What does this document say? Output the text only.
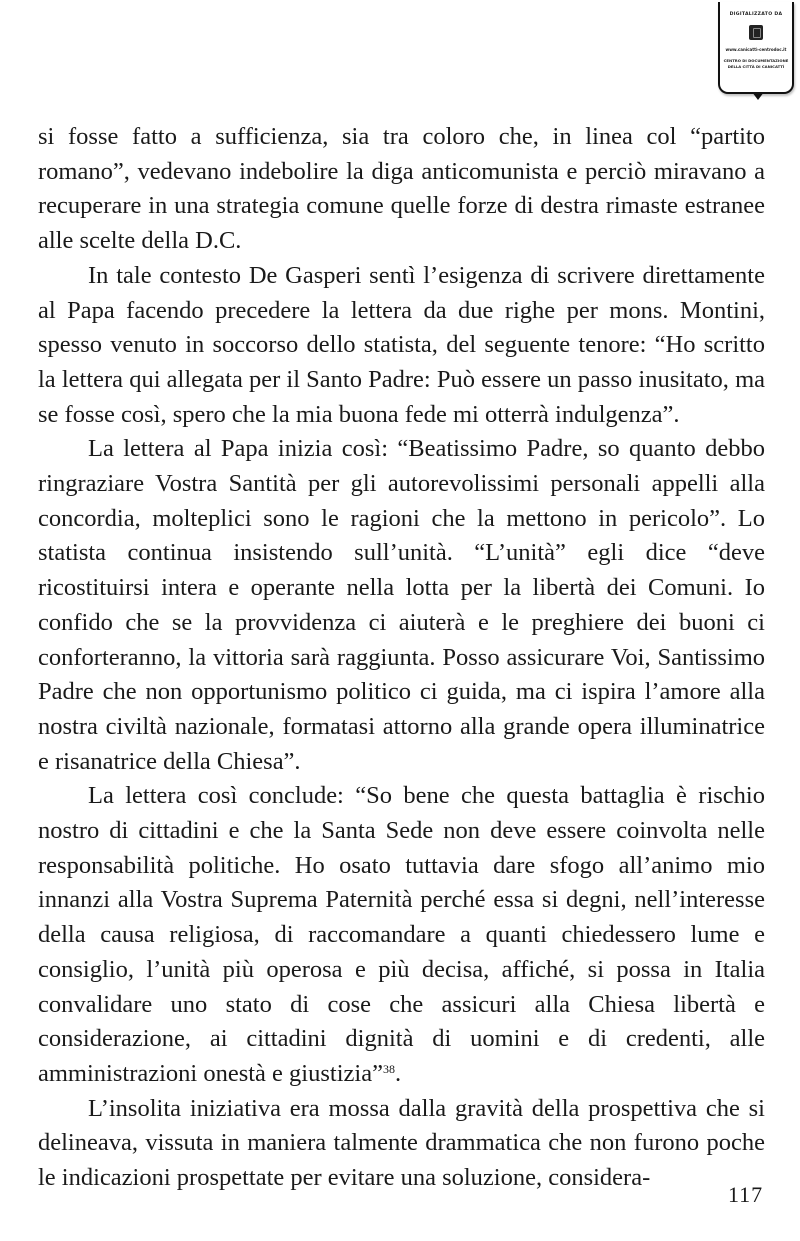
DIGITALIZZATO DA
www.canicattì-centrodoc.it
CENTRO DI DOCUMENTAZIONE
DELLA CITTÀ DI CANICATTÌ

si fosse fatto a sufficienza, sia tra coloro che, in linea col “partito romano”, vedevano indebolire la diga anticomunista e perciò miravano a recuperare in una strategia comune quelle forze di destra rimaste estranee alle scelte della D.C.

In tale contesto De Gasperi sentì l’esigenza di scrivere direttamente al Papa facendo precedere la lettera da due righe per mons. Montini, spesso venuto in soccorso dello statista, del seguente tenore: “Ho scritto la lettera qui allegata per il Santo Padre: Può essere un passo inusitato, ma se fosse così, spero che la mia buona fede mi otterrà indulgenza”.

La lettera al Papa inizia così: “Beatissimo Padre, so quanto debbo ringraziare Vostra Santità per gli autorevolissimi personali appelli alla concordia, molteplici sono le ragioni che la mettono in pericolo”. Lo statista continua insistendo sull’unità. “L’unità” egli dice “deve ricostituirsi intera e operante nella lotta per la libertà dei Comuni. Io confido che se la provvidenza ci aiuterà e le preghiere dei buoni ci conforteranno, la vittoria sarà raggiunta. Posso assicurare Voi, Santissimo Padre che non opportunismo politico ci guida, ma ci ispira l’amore alla nostra civiltà nazionale, formatasi attorno alla grande opera illuminatrice e risanatrice della Chiesa”.

La lettera così conclude: “So bene che questa battaglia è rischio nostro di cittadini e che la Santa Sede non deve essere coinvolta nelle responsabilità politiche. Ho osato tuttavia dare sfogo all’animo mio innanzi alla Vostra Suprema Paternità perché essa si degni, nell’interesse della causa religiosa, di raccomandare a quanti chiedessero lume e consiglio, l’unità più operosa e più decisa, affiché, si possa in Italia convalidare uno stato di cose che assicuri alla Chiesa libertà e considerazione, ai cittadini dignità di uomini e di credenti, alle amministrazioni onestà e giustizia”$^{38}$.

L’insolita iniziativa era mossa dalla gravità della prospettiva che si delineava, vissuta in maniera talmente drammatica che non furono poche le indicazioni prospettate per evitare una soluzione, considera-

117
